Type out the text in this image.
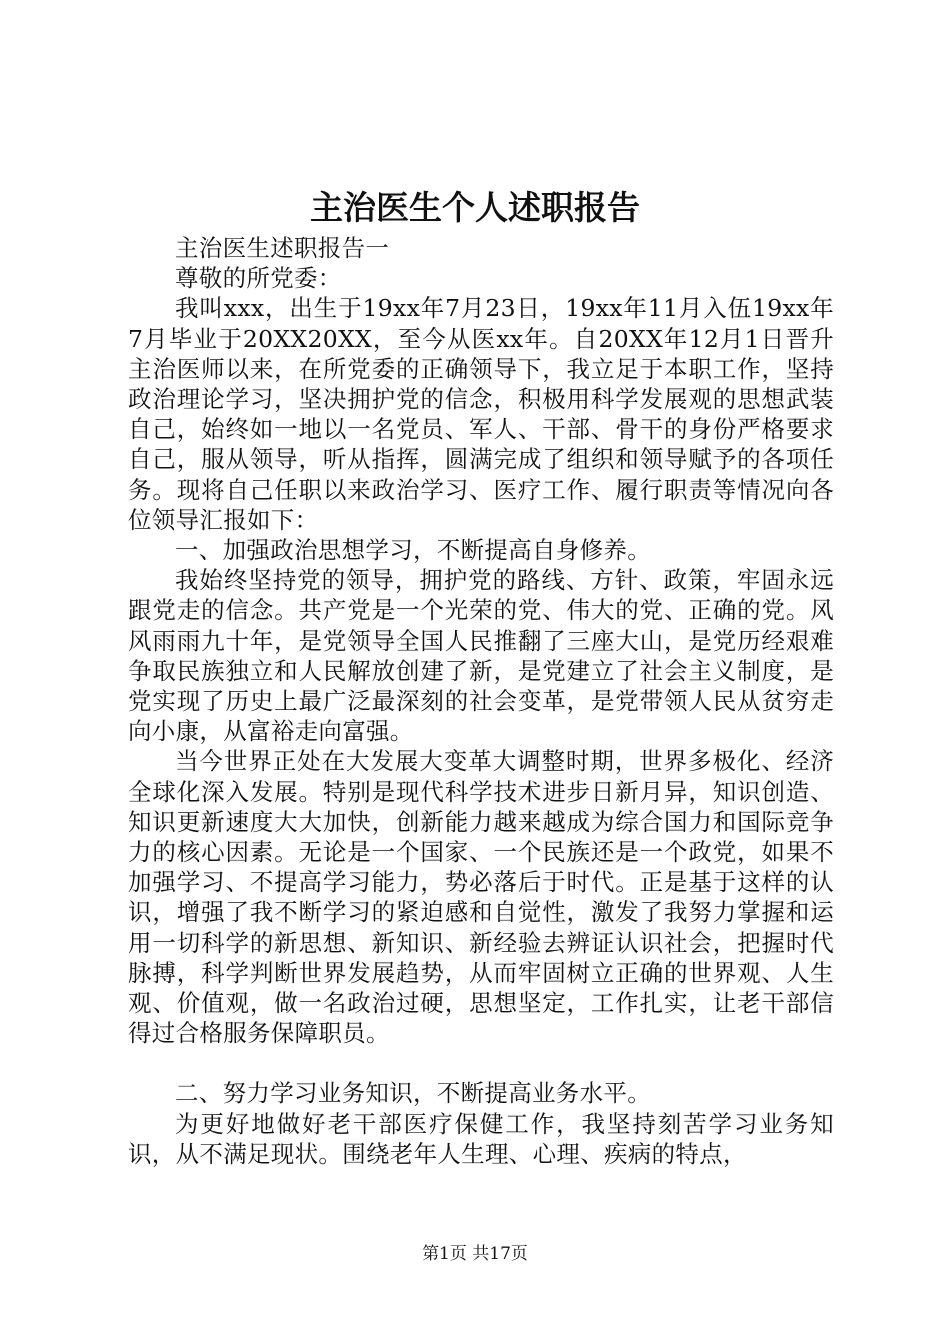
主治医生个人述职报告

主治医生述职报告一

尊敬的所党委：

我叫xxx，出生于19xx年7月23日，19xx年11月入伍19xx年7月毕业于20XX20XX，至今从医xx年。自20XX年12月1日晋升主治医师以来，在所党委的正确领导下，我立足于本职工作，坚持政治理论学习，坚决拥护党的信念，积极用科学发展观的思想武装自己，始终如一地以一名党员、军人、干部、骨干的身份严格要求自己，服从领导，听从指挥，圆满完成了组织和领导赋予的各项任务。现将自己任职以来政治学习、医疗工作、履行职责等情况向各位领导汇报如下：

一、加强政治思想学习，不断提高自身修养。

我始终坚持党的领导，拥护党的路线、方针、政策，牢固永远跟党走的信念。共产党是一个光荣的党、伟大的党、正确的党。风风雨雨九十年，是党领导全国人民推翻了三座大山，是党历经艰难争取民族独立和人民解放创建了新，是党建立了社会主义制度，是党实现了历史上最广泛最深刻的社会变革，是党带领人民从贫穷走向小康，从富裕走向富强。

当今世界正处在大发展大变革大调整时期，世界多极化、经济全球化深入发展。特别是现代科学技术进步日新月异，知识创造、知识更新速度大大加快，创新能力越来越成为综合国力和国际竞争力的核心因素。无论是一个国家、一个民族还是一个政党，如果不加强学习、不提高学习能力，势必落后于时代。正是基于这样的认识，增强了我不断学习的紧迫感和自觉性，激发了我努力掌握和运用一切科学的新思想、新知识、新经验去辨证认识社会，把握时代脉搏，科学判断世界发展趋势，从而牢固树立正确的世界观、人生观、价值观，做一名政治过硬，思想坚定，工作扎实，让老干部信得过合格服务保障职员。

二、努力学习业务知识，不断提高业务水平。

为更好地做好老干部医疗保健工作，我坚持刻苦学习业务知识，从不满足现状。围绕老年人生理、心理、疾病的特点，

第1页 共17页
